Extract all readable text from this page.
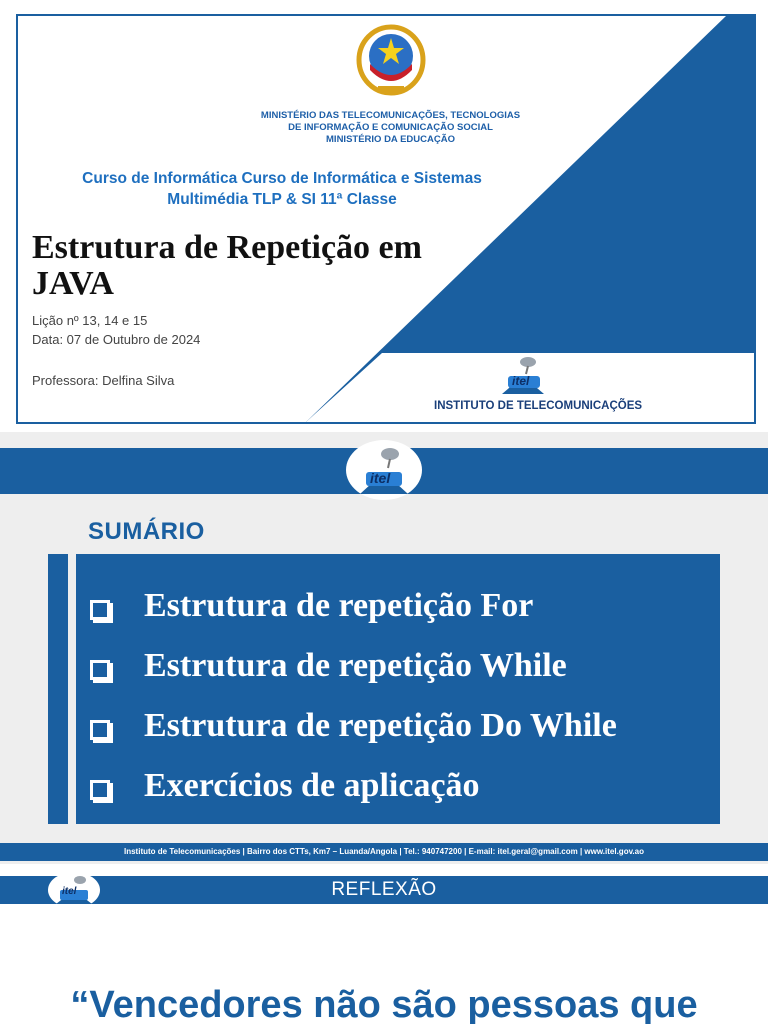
MINISTÉRIO DAS TELECOMUNICAÇÕES, TECNOLOGIAS
DE INFORMAÇÃO E COMUNICAÇÃO SOCIAL
MINISTÉRIO DA EDUCAÇÃO
Curso de Informática Curso de Informática e Sistemas
Multimédia TLP & SI 11ª Classe
Estrutura de Repetição em
JAVA
Lição nº 13, 14 e 15
Data: 07 de Outubro de 2024
Professora: Delfina Silva	itel
INSTITUTO DE TELECOMUNICAÇÕES
itel
SUMÁRIO
Estrutura de repetição For
Estrutura de repetição While
Estrutura de repetição Do While
Exercícios de aplicação
Instituto de Telecomunicações | Bairro dos CTTs, Km7 – Luanda/Angola | Tel.: 940747200 | E-mail: itel.geral@gmail.com | www.itel.gov.ao
itel	REFLEXÃO
“Vencedores não são pessoas que
